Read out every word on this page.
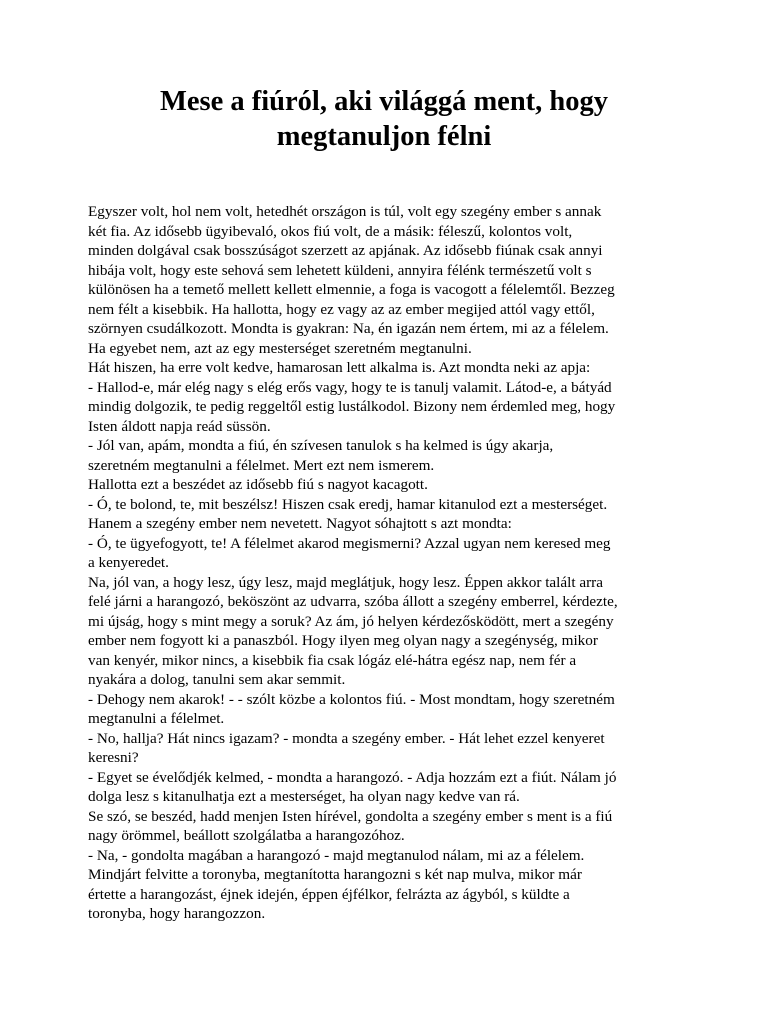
Mese a fiúról, aki világgá ment, hogy
megtanuljon félni
Egyszer volt, hol nem volt, hetedhét országon is túl, volt egy szegény ember s annak
két fia. Az idősebb ügyibevaló, okos fiú volt, de a másik: féleszű, kolontos volt,
minden dolgával csak bosszúságot szerzett az apjának. Az idősebb fiúnak csak annyi
hibája volt, hogy este sehová sem lehetett küldeni, annyira félénk természetű volt s
különösen ha a temető mellett kellett elmennie, a foga is vacogott a félelemtől. Bezzeg
nem félt a kisebbik. Ha hallotta, hogy ez vagy az az ember megijed attól vagy ettől,
szörnyen csudálkozott. Mondta is gyakran: Na, én igazán nem értem, mi az a félelem.
Ha egyebet nem, azt az egy mesterséget szeretném megtanulni.
Hát hiszen, ha erre volt kedve, hamarosan lett alkalma is. Azt mondta neki az apja:
- Hallod-e, már elég nagy s elég erős vagy, hogy te is tanulj valamit. Látod-e, a bátyád
mindig dolgozik, te pedig reggeltől estig lustálkodol. Bizony nem érdemled meg, hogy
Isten áldott napja reád süssön.
- Jól van, apám, mondta a fiú, én szívesen tanulok s ha kelmed is úgy akarja,
szeretném megtanulni a félelmet. Mert ezt nem ismerem.
Hallotta ezt a beszédet az idősebb fiú s nagyot kacagott.
- Ó, te bolond, te, mit beszélsz! Hiszen csak eredj, hamar kitanulod ezt a mesterséget.
Hanem a szegény ember nem nevetett. Nagyot sóhajtott s azt mondta:
- Ó, te ügyefogyott, te! A félelmet akarod megismerni? Azzal ugyan nem keresed meg
a kenyeredet.
Na, jól van, a hogy lesz, úgy lesz, majd meglátjuk, hogy lesz. Éppen akkor talált arra
felé járni a harangozó, beköszönt az udvarra, szóba állott a szegény emberrel, kérdezte,
mi újság, hogy s mint megy a soruk? Az ám, jó helyen kérdezősködött, mert a szegény
ember nem fogyott ki a panaszból. Hogy ilyen meg olyan nagy a szegénység, mikor
van kenyér, mikor nincs, a kisebbik fia csak lógáz elé-hátra egész nap, nem fér a
nyakára a dolog, tanulni sem akar semmit.
- Dehogy nem akarok! - - szólt közbe a kolontos fiú. - Most mondtam, hogy szeretném
megtanulni a félelmet.
- No, hallja? Hát nincs igazam? - mondta a szegény ember. - Hát lehet ezzel kenyeret
keresni?
- Egyet se évelődjék kelmed, - mondta a harangozó. - Adja hozzám ezt a fiút. Nálam jó
dolga lesz s kitanulhatja ezt a mesterséget, ha olyan nagy kedve van rá.
Se szó, se beszéd, hadd menjen Isten hírével, gondolta a szegény ember s ment is a fiú
nagy örömmel, beállott szolgálatba a harangozóhoz.
- Na, - gondolta magában a harangozó - majd megtanulod nálam, mi az a félelem.
Mindjárt felvitte a toronyba, megtanította harangozni s két nap mulva, mikor már
értette a harangozást, éjnek idején, éppen éjfélkor, felrázta az ágyból, s küldte a
toronyba, hogy harangozzon.
